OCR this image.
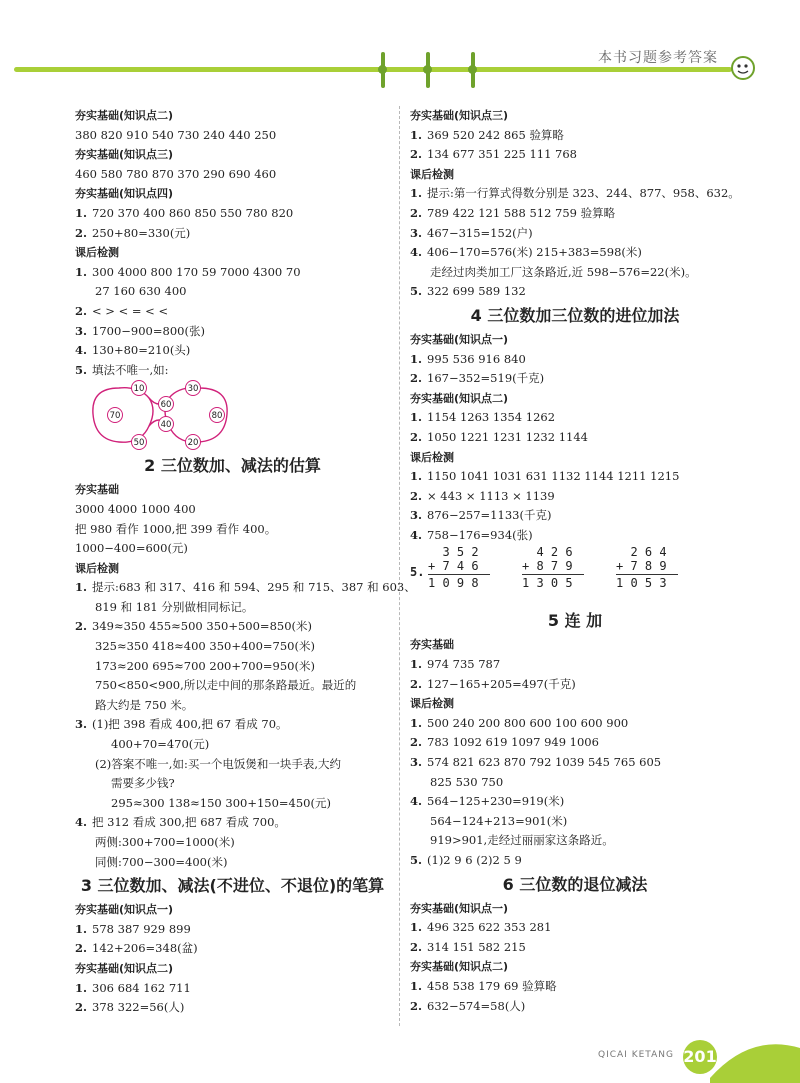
本书习题参考答案
夯实基础(知识点二)
380 820 910 540 730 240 440 250
夯实基础(知识点三)
460 580 780 870 370 290 690 460
夯实基础(知识点四)
1. 720 370 400 860 850 550 780 820
2. 250+80=330(元)
课后检测
1. 300 4000 800 170 59 7000 4300 70
27 160 630 400
2. < > < = < <
3. 1700−900=800(张)
4. 130+80=210(头)
5. 填法不唯一,如:
10	30
70
60
80
40
50	20
2 三位数加、减法的估算
夯实基础
3000 4000 1000 400
把 980 看作 1000,把 399 看作 400。
1000−400=600(元)
课后检测
1. 提示:683 和 317、416 和 594、295 和 715、387 和 603、
819 和 181 分别做相同标记。
2. 349≈350 455≈500 350+500=850(米)
325≈350 418≈400 350+400=750(米)
173≈200 695≈700 200+700=950(米)
750<850<900,所以走中间的那条路最近。最近的
路大约是 750 米。
3. (1)把 398 看成 400,把 67 看成 70。
400+70=470(元)
(2)答案不唯一,如:买一个电饭煲和一块手表,大约
需要多少钱?
295≈300 138≈150 300+150=450(元)
4. 把 312 看成 300,把 687 看成 700。
两侧:300+700=1000(米)
同侧:700−300=400(米)
3 三位数加、减法(不进位、不退位)的笔算
夯实基础(知识点一)
1. 578 387 929 899
2. 142+206=348(盆)
夯实基础(知识点二)
1. 306 684 162 711
2. 378 322=56(人)
夯实基础(知识点三)
1. 369 520 242 865 验算略
2. 134 677 351 225 111 768
课后检测
1. 提示:第一行算式得数分别是 323、244、877、958、632。
2. 789 422 121 588 512 759 验算略
3. 467−315=152(户)
4. 406−170=576(米) 215+383=598(米)
走经过肉类加工厂这条路近,近 598−576=22(米)。
5. 322 699 589 132
4 三位数加三位数的进位加法
夯实基础(知识点一)
1. 995 536 916 840
2. 167−352=519(千克)
夯实基础(知识点二)
1. 1154 1263 1354 1262
2. 1050 1221 1231 1232 1144
课后检测
1. 1150 1041 1031 631 1132 1144 1211 1215
2. × 443 × 1113 × 1139
3. 876−257=1133(千克)
4. 758−176=934(张)
5.
3 5 2
+ 7 4 6
1 0 9 8
4 2 6
+ 8 7 9
1 3 0 5
2 6 4
+ 7 8 9
1 0 5 3
5 连 加
夯实基础
1. 974 735 787
2. 127−165+205=497(千克)
课后检测
1. 500 240 200 800 600 100 600 900
2. 783 1092 619 1097 949 1006
3. 574 821 623 870 792 1039 545 765 605
825 530 750
4. 564−125+230=919(米)
564−124+213=901(米)
919>901,走经过丽丽家这条路近。
5. (1)2 9 6 (2)2 5 9
6 三位数的退位减法
夯实基础(知识点一)
1. 496 325 622 353 281
2. 314 151 582 215
夯实基础(知识点二)
1. 458 538 179 69 验算略
2. 632−574=58(人)
QICAI KETANG 201
